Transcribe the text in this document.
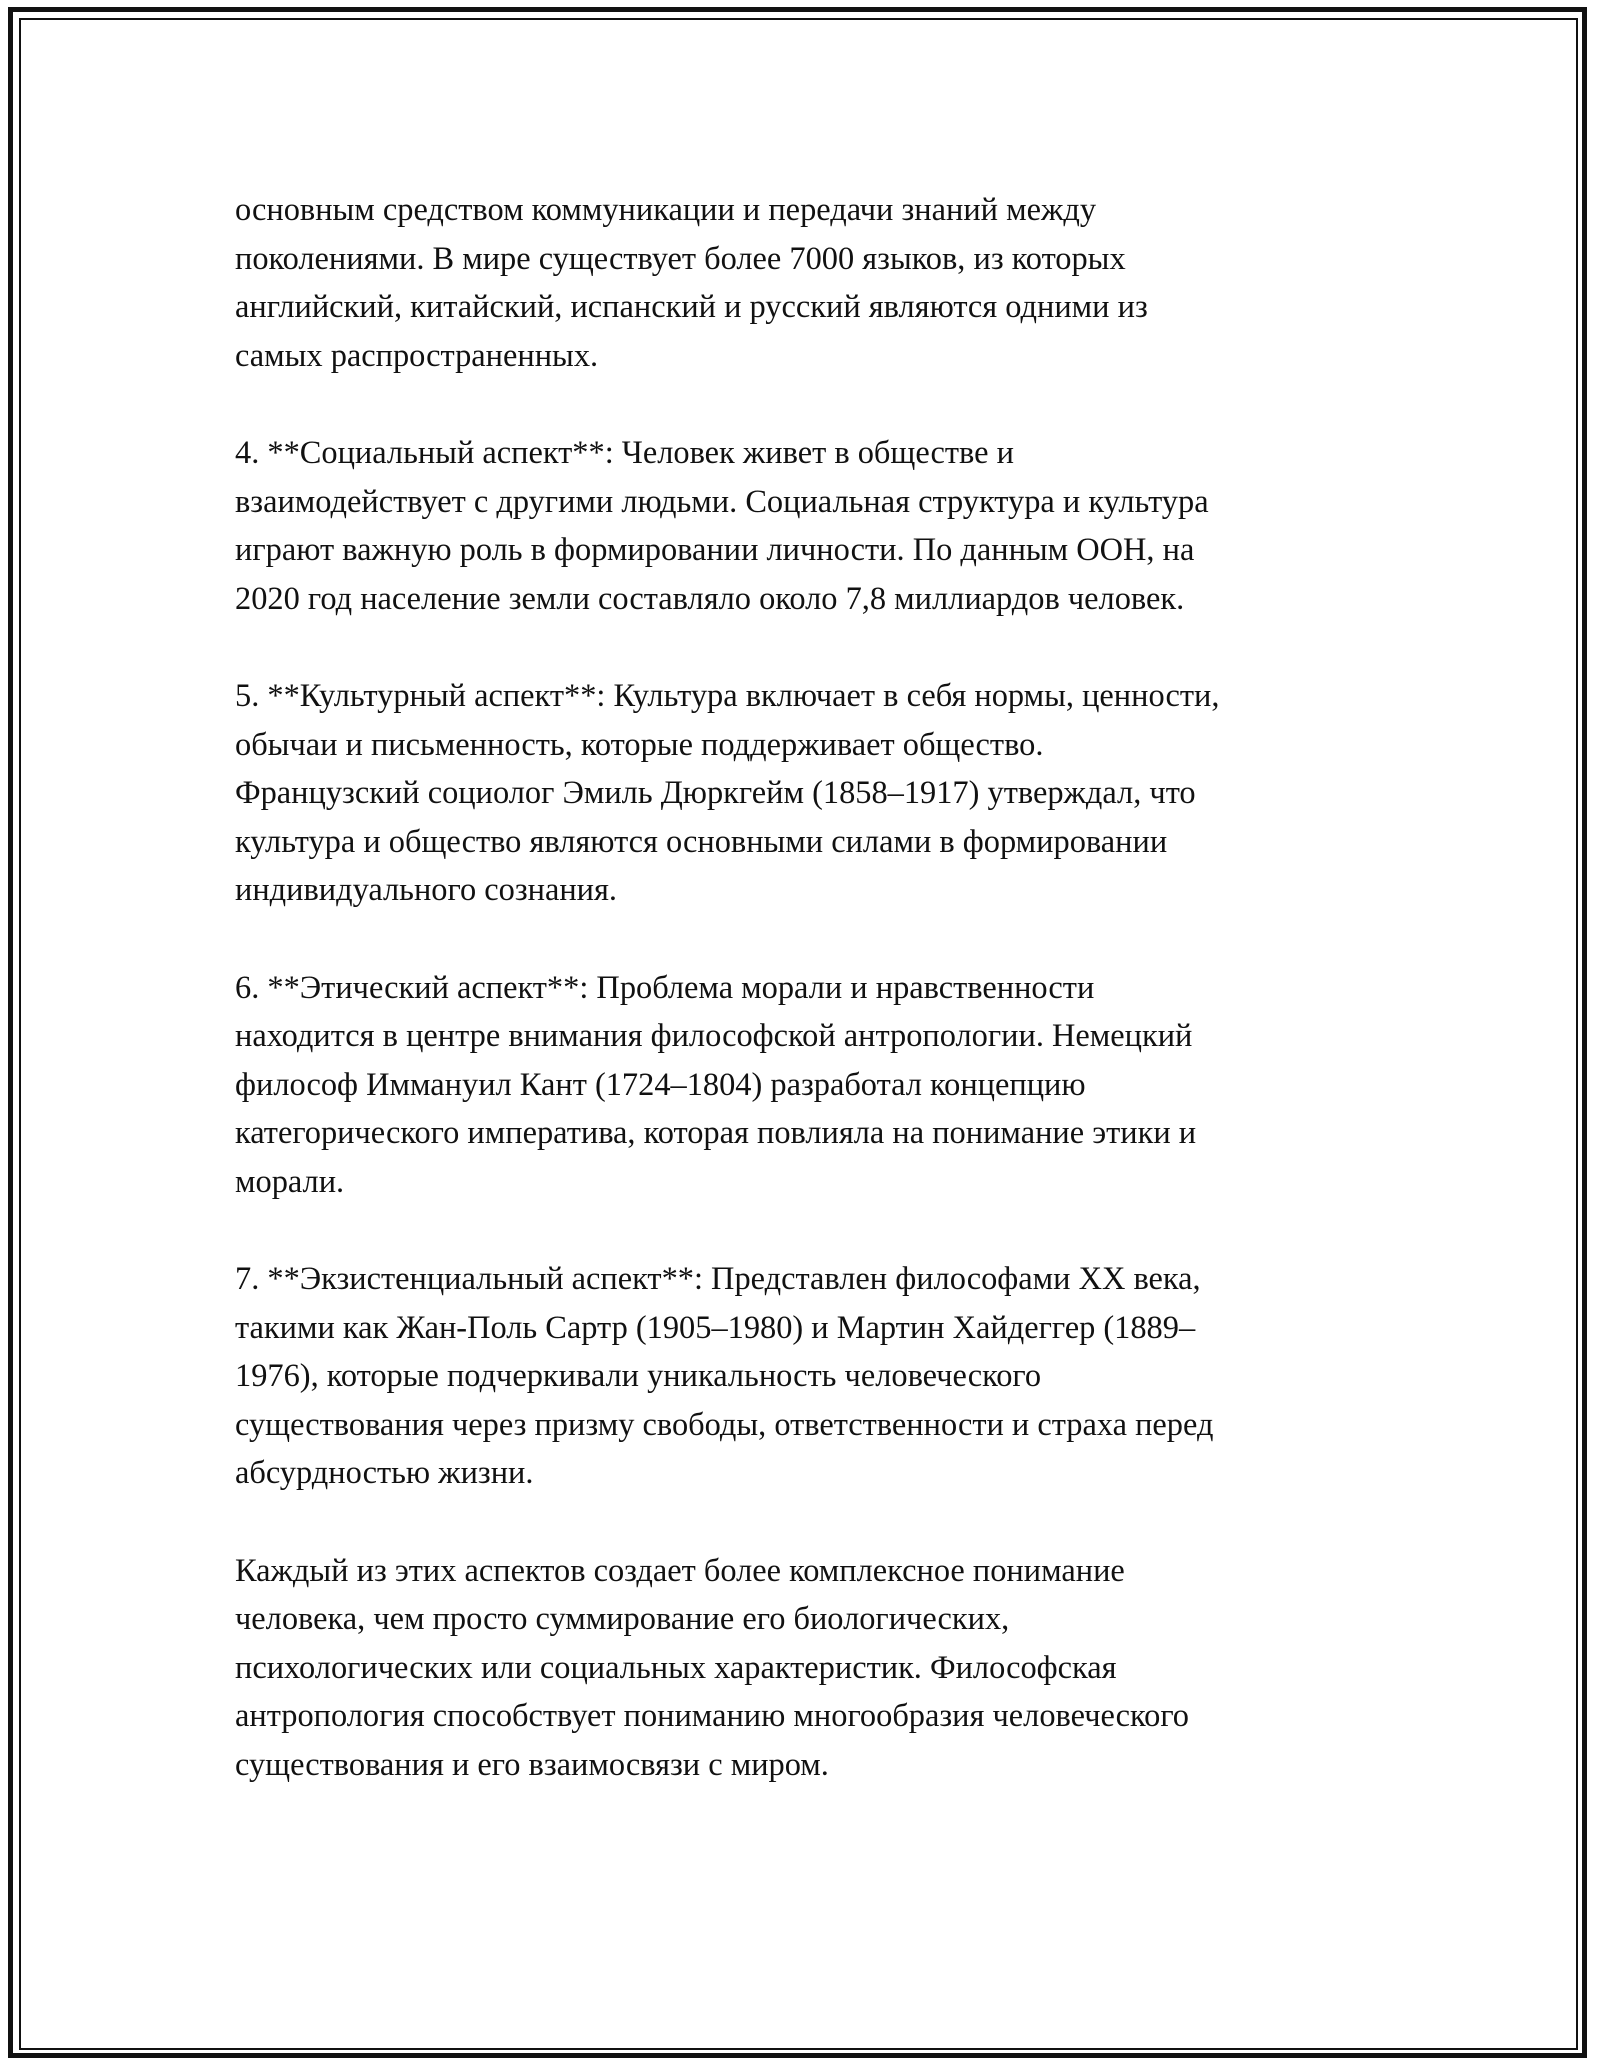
основным средством коммуникации и передачи знаний между
поколениями. В мире существует более 7000 языков, из которых
английский, китайский, испанский и русский являются одними из
самых распространенных.

4. **Социальный аспект**: Человек живет в обществе и
взаимодействует с другими людьми. Социальная структура и культура
играют важную роль в формировании личности. По данным ООН, на
2020 год население земли составляло около 7,8 миллиардов человек.

5. **Культурный аспект**: Культура включает в себя нормы, ценности,
обычаи и письменность, которые поддерживает общество.
Французский социолог Эмиль Дюркгейм (1858–1917) утверждал, что
культура и общество являются основными силами в формировании
индивидуального сознания.

6. **Этический аспект**: Проблема морали и нравственности
находится в центре внимания философской антропологии. Немецкий
философ Иммануил Кант (1724–1804) разработал концепцию
категорического императива, которая повлияла на понимание этики и
морали.

7. **Экзистенциальный аспект**: Представлен философами XX века,
такими как Жан-Поль Сартр (1905–1980) и Мартин Хайдеггер (1889–
1976), которые подчеркивали уникальность человеческого
существования через призму свободы, ответственности и страха перед
абсурдностью жизни.

Каждый из этих аспектов создает более комплексное понимание
человека, чем просто суммирование его биологических,
психологических или социальных характеристик. Философская
антропология способствует пониманию многообразия человеческого
существования и его взаимосвязи с миром.
